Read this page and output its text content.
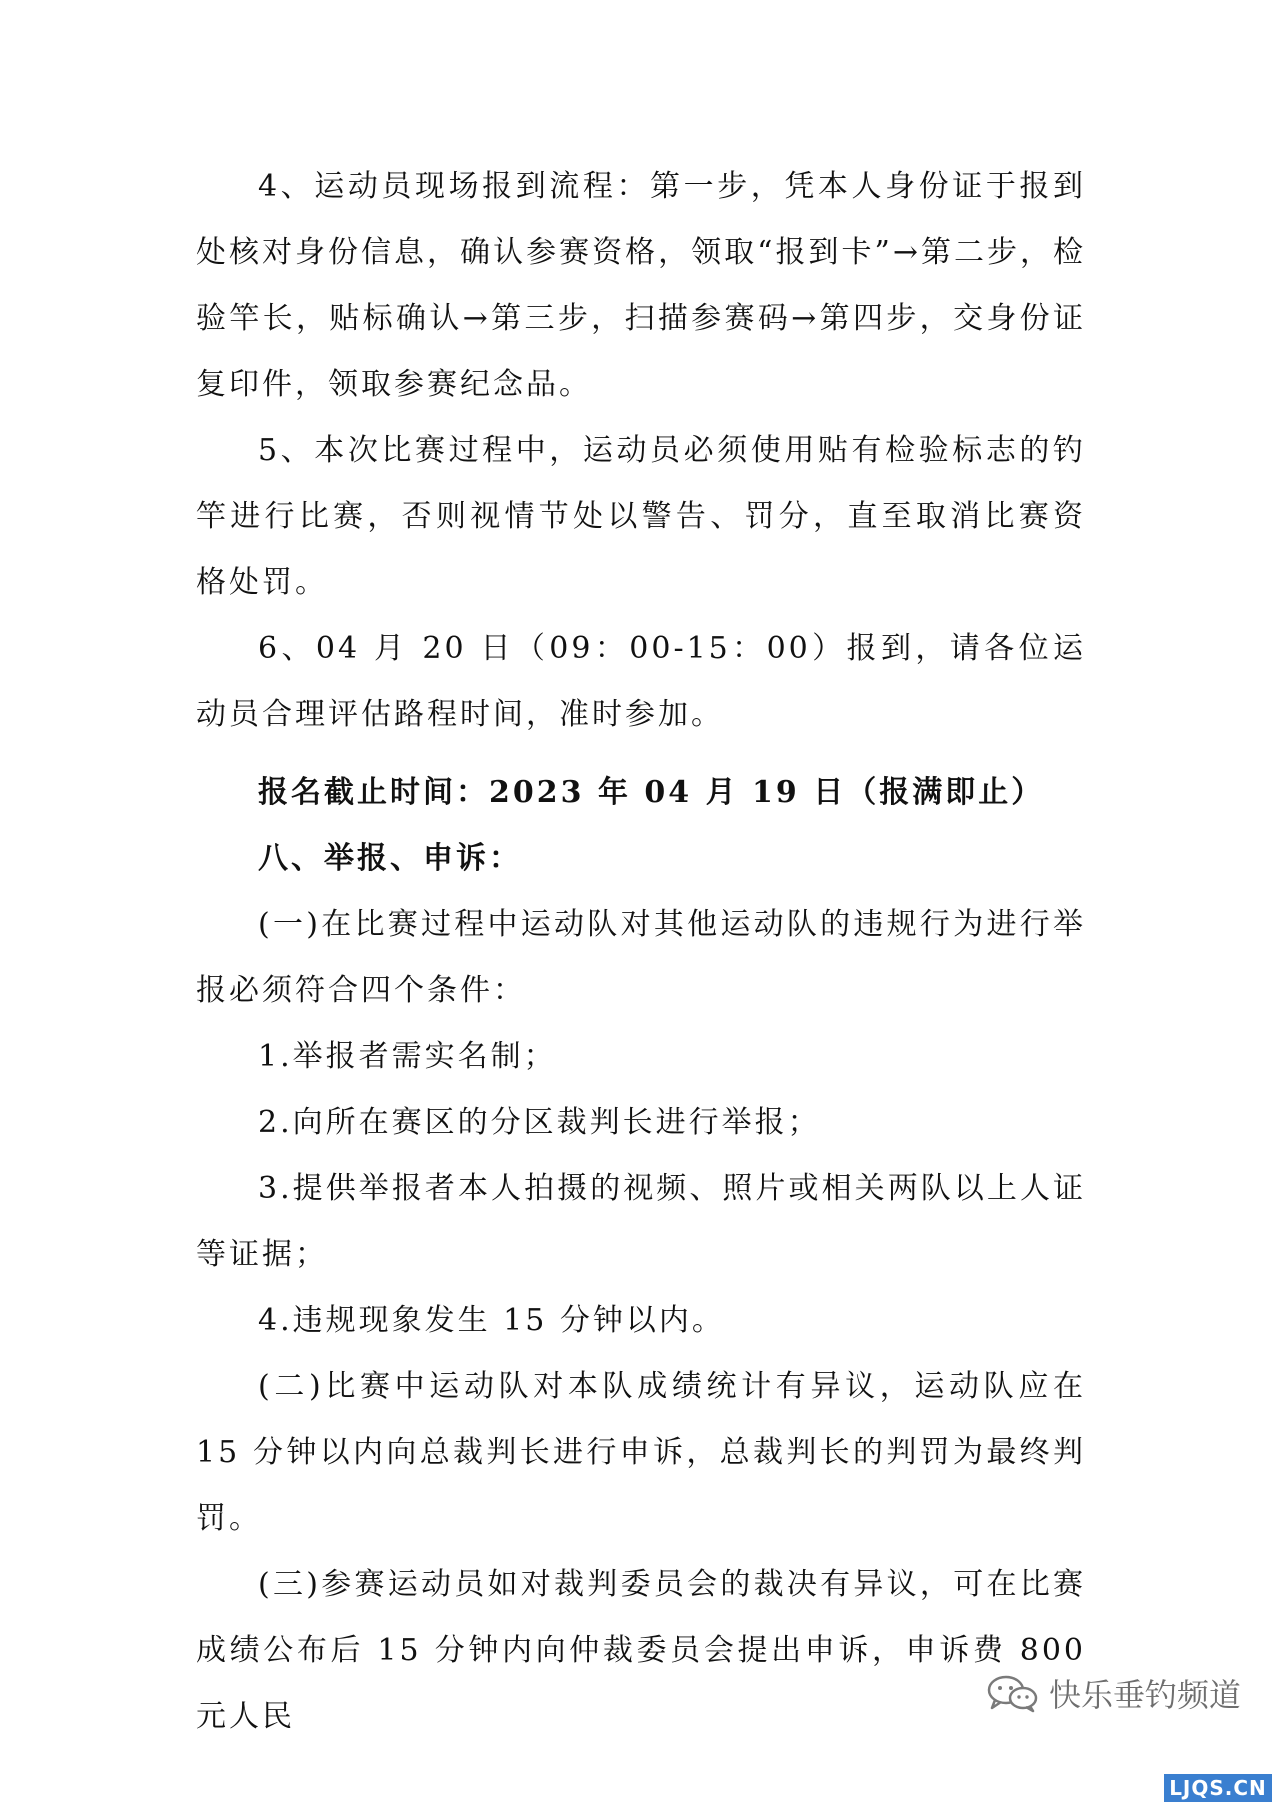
4、运动员现场报到流程：第一步，凭本人身份证于报到处核对身份信息，确认参赛资格，领取“报到卡”→第二步，检验竿长，贴标确认→第三步，扫描参赛码→第四步，交身份证复印件，领取参赛纪念品。

5、本次比赛过程中，运动员必须使用贴有检验标志的钓竿进行比赛，否则视情节处以警告、罚分，直至取消比赛资格处罚。

6、04 月 20 日（09：00-15：00）报到，请各位运动员合理评估路程时间，准时参加。

报名截止时间：2023 年 04 月 19 日（报满即止）

八、举报、申诉：

(一)在比赛过程中运动队对其他运动队的违规行为进行举报必须符合四个条件：

1.举报者需实名制；

2.向所在赛区的分区裁判长进行举报；

3.提供举报者本人拍摄的视频、照片或相关两队以上人证等证据；

4.违规现象发生 15 分钟以内。

(二)比赛中运动队对本队成绩统计有异议，运动队应在 15 分钟以内向总裁判长进行申诉，总裁判长的判罚为最终判罚。

(三)参赛运动员如对裁判委员会的裁决有异议，可在比赛成绩公布后 15 分钟内向仲裁委员会提出申诉，申诉费 800 元人民

快乐垂钓频道
LJQS.CN
